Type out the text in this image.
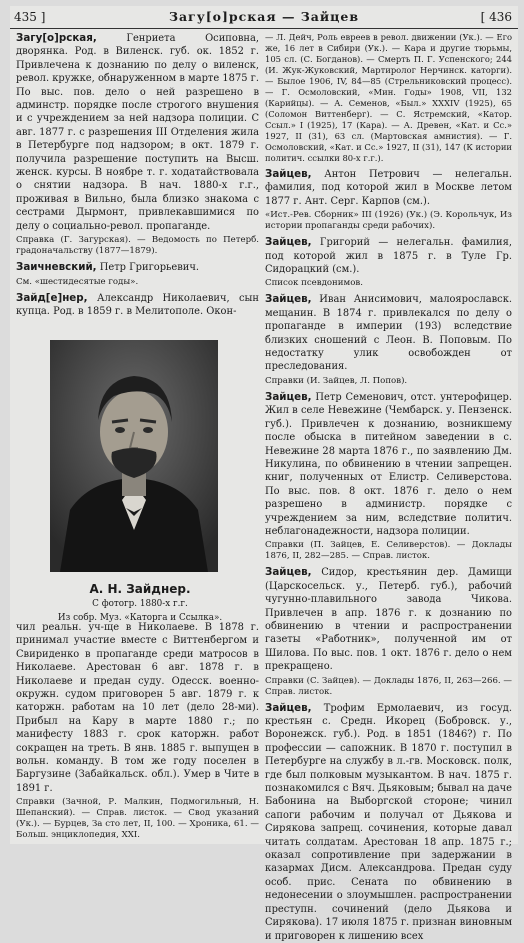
435 ]	Загу[о]рская — Зайцев	[ 436
Загу[о]рская,	Генриета Осиповна, дворянка. Род. в Виленск. губ. ок. 1852 г. Привлечена к дознанию по делу о виленск, револ. кружке, обнаруженном в марте 1875 г. По выс. пов. дело о ней разрешено в админстр. порядке после строгого внушения и с учреждением за ней надзора полиции. С авг. 1877 г. с разрешения III Отделения жила в Петербурге под надзором; в окт. 1879 г. получила разрешение поступить на Высш. женск. курсы. В ноябре т. г. ходатайствовала о снятии надзора. В нач. 1880-х г.г., проживая в Вильно, была близко знакома с сестрами Дырмонт, привлекавшимися по делу о социально-револ. пропаганде.
Справка (Г. Загурская). — Ведомость по Петерб. градоначальству (1877—1879).
Заичневский, Петр Григорьевич.
См. «шестидесятые годы».
Зайд[е]нер, Александр Николаевич, сын купца. Род. в 1859 г. в Мелитополе. Окон-
А. Н. Зайднер.
С фотогр. 1880-х г.г.
Из собр. Муз. «Каторга и Ссылка».
— Л. Дейч, Роль евреев в револ. движении (Ук.). — Его же, 16 лет в Сибири (Ук.). — Кара и другие тюрьмы, 105 сл. (С. Богданов). — Смерть П. Г. Успенского; 244 (И. Жук-Жуковский, Мартиролог Нерчинск. каторги). — Былое 1906, IV, 84—85 (Стрельниковский процесс). — Г. Осмоловский, «Мин. Годы» 1908, VII, 132 (Карийцы). — А. Семенов, «Был.» XXXIV (1925), 65 (Соломон Виттенберг). — С. Ястремский, «Катор. Ссыл.» I (1925), 17 (Кара). — А. Древен, «Кат. и Сс.» 1927, II (31), 63 сл. (Мартовская амнистия). — Г. Осмоловский, «Кат. и Сс.» 1927, II (31), 147 (К истории политич. ссылки 80-х г.г.).
Зайцев, Антон Петрович — нелегальн. фамилия, под которой жил в Москве летом 1877 г. Ант. Серг. Карпов (см.).
«Ист.-Рев. Сборник» III (1926) (Ук.) (Э. Корольчук, Из истории пропаганды среди рабочих).
Зайцев, Григорий — нелегальн. фамилия, под которой жил в 1875 г. в Туле Гр. Сидорацкий (см.).
Список псевдонимов.
Зайцев, Иван Анисимович, малоярославск. мещанин. В 1874 г. привлекался по делу о пропаганде в империи (193) вследствие близких сношений с Леон. В. Поповым. По недостатку улик освобожден от преследования.
Справки (И. Зайцев, Л. Попов).
Зайцев, Петр Семенович, отст. унтерофицер. Жил в селе Невежине (Чембарск. у. Пензенск. губ.). Привлечен к дознанию, возникшему после обыска в питейном заведении в с. Невежине 28 марта 1876 г., по заявлению Дм. Никулина, по обвинению в чтении запрещен. книг, полученных от Елистр. Селиверстова. По выс. пов. 8 окт. 1876 г. дело о нем разрешено в администр. порядке с учреждением за ним, вследствие политич. неблагонадежности, надзора полиции.
Справки (П. Зайцев, Е. Селиверстов). — Доклады 1876, II, 282—285. — Справ. листок.
Зайцев, Сидор, крестьянин дер. Дамищи (Царскосельск. у., Петерб. губ.), рабочий чугунно-плавильного завода Чикова. Привлечен в апр. 1876 г. к дознанию по обвинению в чтении и распространении газеты «Работник», полученной им от Шилова. По выс. пов. 1 окт. 1876 г. дело о нем прекращено.
Справки (С. Зайцев). — Доклады 1876, II, 263—266. — Справ. листок.
Зайцев, Трофим Ермолаевич, из госуд. крестьян с. Средн. Икорец (Бобровск. у., Воронежск. губ.). Род. в 1851 (1846?) г. По профессии — сапожник. В 1870 г. поступил в Петербурге на службу в л.-гв. Московск. полк, где был полковым музыкантом. В нач. 1875 г. познакомился с Вяч. Дьяковым; бывал на даче Бабонина на Выборгской стороне; чинил сапоги рабочим и получал от Дьякова и Сирякова запрещ. сочинения, которые давал читать солдатам. Арестован 18 апр. 1875 г.; оказал сопротивление при задержании в казармах Дисм. Александрова. Предан суду особ. прис. Сената по обвинению в недонесении о злоумышлен. распространении преступн. сочинений (дело Дьякова и Сирякова). 17 июля 1875 г. признан виновным и приговорен к лишению всех
чил реальн. уч-ще в Николаеве. В 1878 г. принимал участие вместе с Виттенбергом и Свириденко в пропаганде среди матросов в Николаеве. Арестован 6 авг. 1878 г. в Николаеве и предан суду. Одесск. военно-окружн. судом приговорен 5 авг. 1879 г. к каторжн. работам на 10 лет (дело 28-ми). Прибыл на Кару в марте 1880 г.; по манифесту 1883 г. срок каторжн. работ сокращен на треть. В янв. 1885 г. выпущен в вольн. команду. В том же году поселен в Баргузине (Забайкальск. обл.). Умер в Чите в 1891 г.
Справки (Зачной, Р. Малкин, Подмогильный, Н. Шепанский). — Справ. листок. — Свод указаний (Ук.). — Бурцев, За сто лет, II, 100. — Хроника, 61. — Больш. энциклопедия, XXI.
